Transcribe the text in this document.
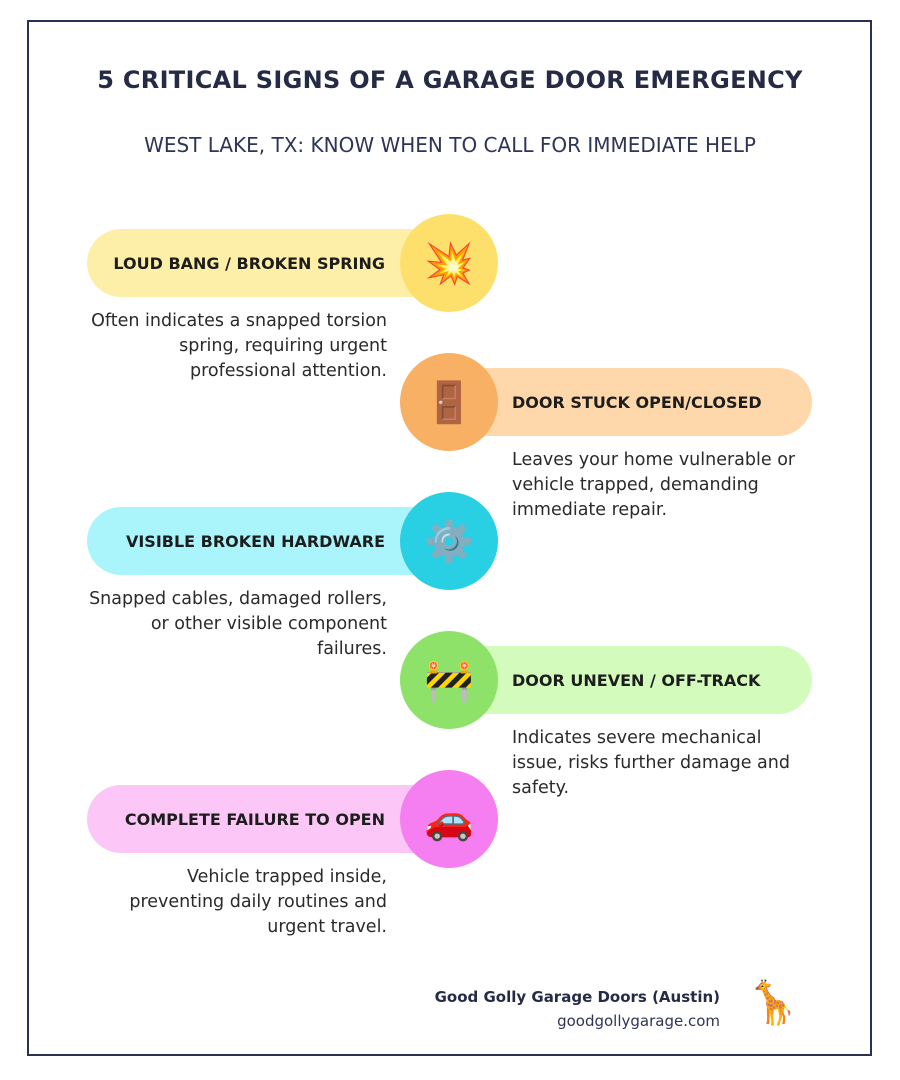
5 CRITICAL SIGNS OF A GARAGE DOOR EMERGENCY
WEST LAKE, TX: KNOW WHEN TO CALL FOR IMMEDIATE HELP
LOUD BANG / BROKEN SPRING 💥
Often indicates a snapped torsion spring, requiring urgent professional attention.
DOOR STUCK OPEN/CLOSED
🚪
Leaves your home vulnerable or vehicle trapped, demanding immediate repair.
VISIBLE BROKEN HARDWARE ⚙️
Snapped cables, damaged rollers, or other visible component failures.
DOOR UNEVEN / OFF-TRACK
🚧
Indicates severe mechanical issue, risks further damage and safety.
COMPLETE FAILURE TO OPEN 🚗
Vehicle trapped inside, preventing daily routines and urgent travel.
Good Golly Garage Doors (Austin)
goodgollygarage.com 🦒
